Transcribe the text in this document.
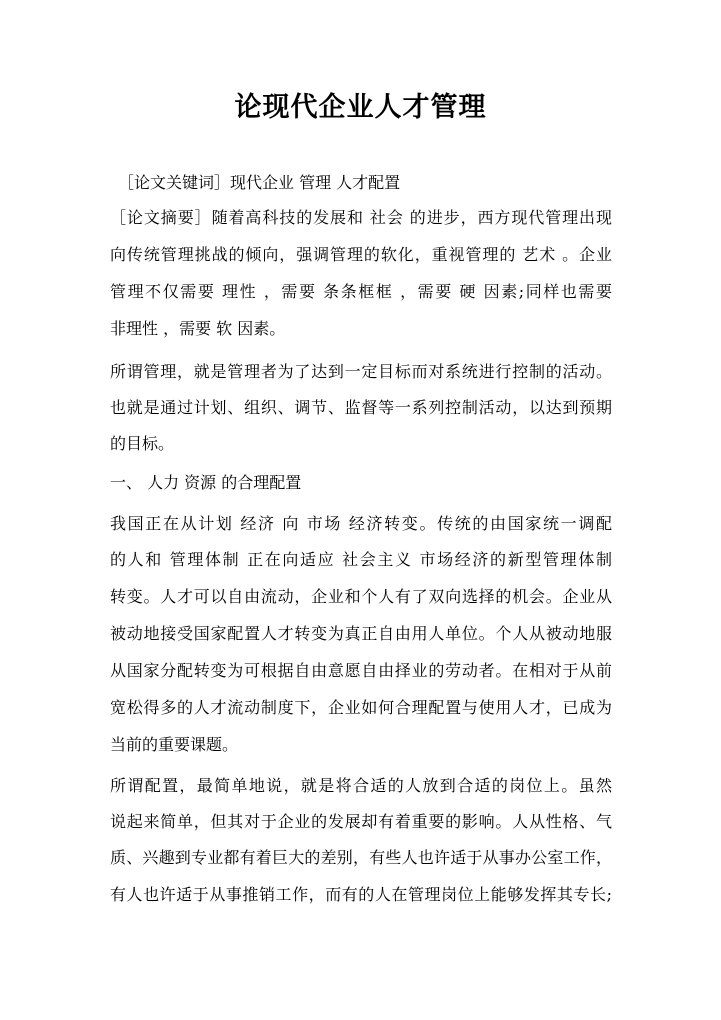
论现代企业人才管理
［论文关键词］现代企业 管理 人才配置
［论文摘要］随着高科技的发展和 社会 的进步，西方现代管理出现
向传统管理挑战的倾向，强调管理的软化，重视管理的 艺术 。企业
管理不仅需要 理性 ，需要 条条框框 ，需要 硬 因素;同样也需要
非理性 ，需要 软 因素。
所谓管理，就是管理者为了达到一定目标而对系统进行控制的活动。
也就是通过计划、组织、调节、监督等一系列控制活动，以达到预期
的目标。
一、 人力 资源 的合理配置
我国正在从计划 经济 向 市场 经济转变。传统的由国家统一调配
的人和 管理体制 正在向适应 社会主义 市场经济的新型管理体制
转变。人才可以自由流动，企业和个人有了双向选择的机会。企业从
被动地接受国家配置人才转变为真正自由用人单位。个人从被动地服
从国家分配转变为可根据自由意愿自由择业的劳动者。在相对于从前
宽松得多的人才流动制度下，企业如何合理配置与使用人才，已成为
当前的重要课题。
所谓配置，最简单地说，就是将合适的人放到合适的岗位上。虽然
说起来简单，但其对于企业的发展却有着重要的影响。人从性格、气
质、兴趣到专业都有着巨大的差别，有些人也许适于从事办公室工作，
有人也许适于从事推销工作，而有的人在管理岗位上能够发挥其专长;
